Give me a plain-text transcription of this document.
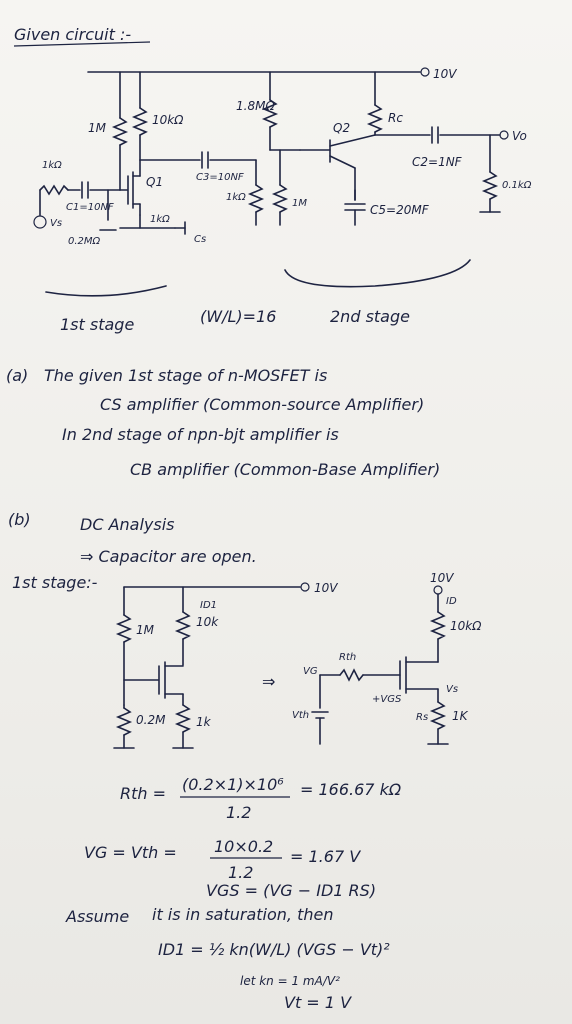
Given circuit :-
10V
1M
10kΩ
1.8MΩ
Rc
Vo
C2=1NF
0.1kΩ
Q2
1M
1kΩ
C5=20MF
C3=10NF
Q1
1kΩ
C1=10NF
Vs
0.2MΩ
1kΩ
Cs
1st stage	(W/L)=16	2nd stage
(a) The given 1st stage of n-MOSFET is
CS amplifier (Common-source Amplifier)
In 2nd stage of npn-bjt amplifier is
CB amplifier (Common-Base Amplifier)
(b)	DC Analysis
⇒ Capacitor are open.
1st stage:-	10V
1M
10k
ID1
0.2M	1k
⇒
10V
ID
10kΩ
Rth
VG
+VGS
Vs
Rs 1K
Vth
Rth = (0.2×1)×10⁶
1.2
= 166.67 kΩ
VG = Vth = 10×0.2
1.2
= 1.67 V
VGS = (VG − ID1 RS)
Assume it is in saturation, then
ID1 = ½ kn(W/L) (VGS − Vt)²
let kn = 1 mA/V²
Vt = 1 V
